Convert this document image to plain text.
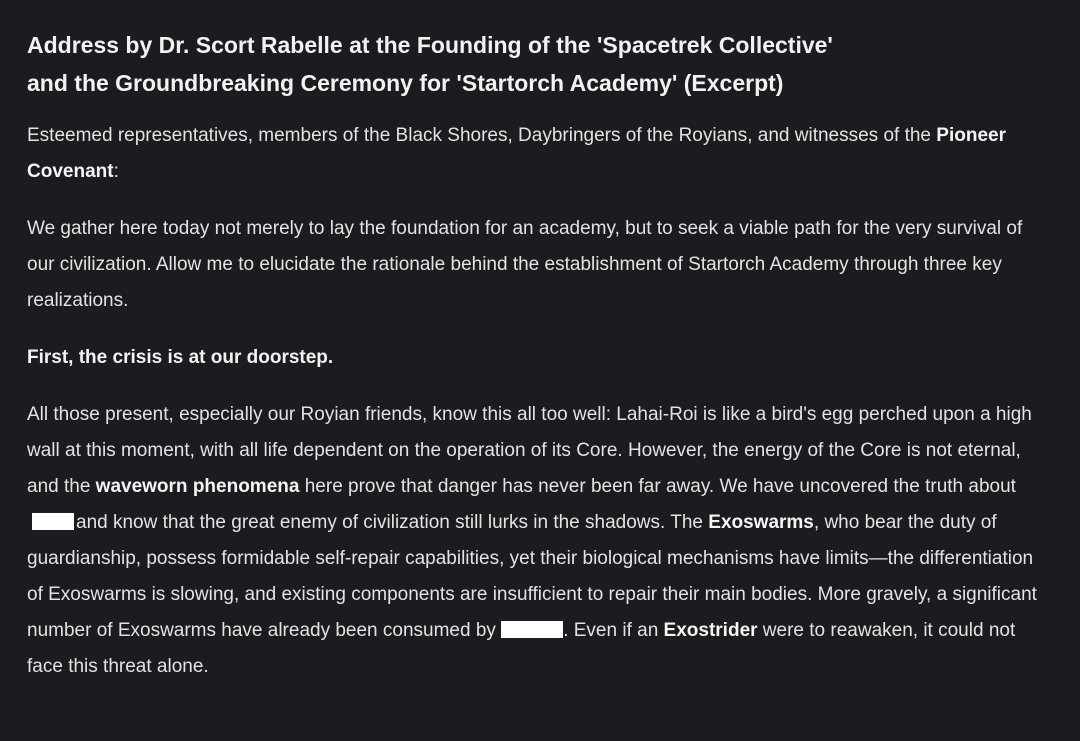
Address by Dr. Scort Rabelle at the Founding of the 'Spacetrek Collective'
and the Groundbreaking Ceremony for 'Startorch Academy' (Excerpt)

Esteemed representatives, members of the Black Shores, Daybringers of the Royians, and witnesses of the Pioneer Covenant:

We gather here today not merely to lay the foundation for an academy, but to seek a viable path for the very survival of our civilization. Allow me to elucidate the rationale behind the establishment of Startorch Academy through three key realizations.

First, the crisis is at our doorstep.

All those present, especially our Royian friends, know this all too well: Lahai-Roi is like a bird's egg perched upon a high wall at this moment, with all life dependent on the operation of its Core. However, the energy of the Core is not eternal, and the waveworn phenomena here prove that danger has never been far away. We have uncovered the truth aboutand know that the great enemy of civilization still lurks in the shadows. The Exoswarms, who bear the duty of guardianship, possess formidable self-repair capabilities, yet their biological mechanisms have limits—the differentiation of Exoswarms is slowing, and existing components are insufficient to repair their main bodies. More gravely, a significant number of Exoswarms have already been consumed by	. Even if an Exostrider were to reawaken, it could not face this threat alone.
